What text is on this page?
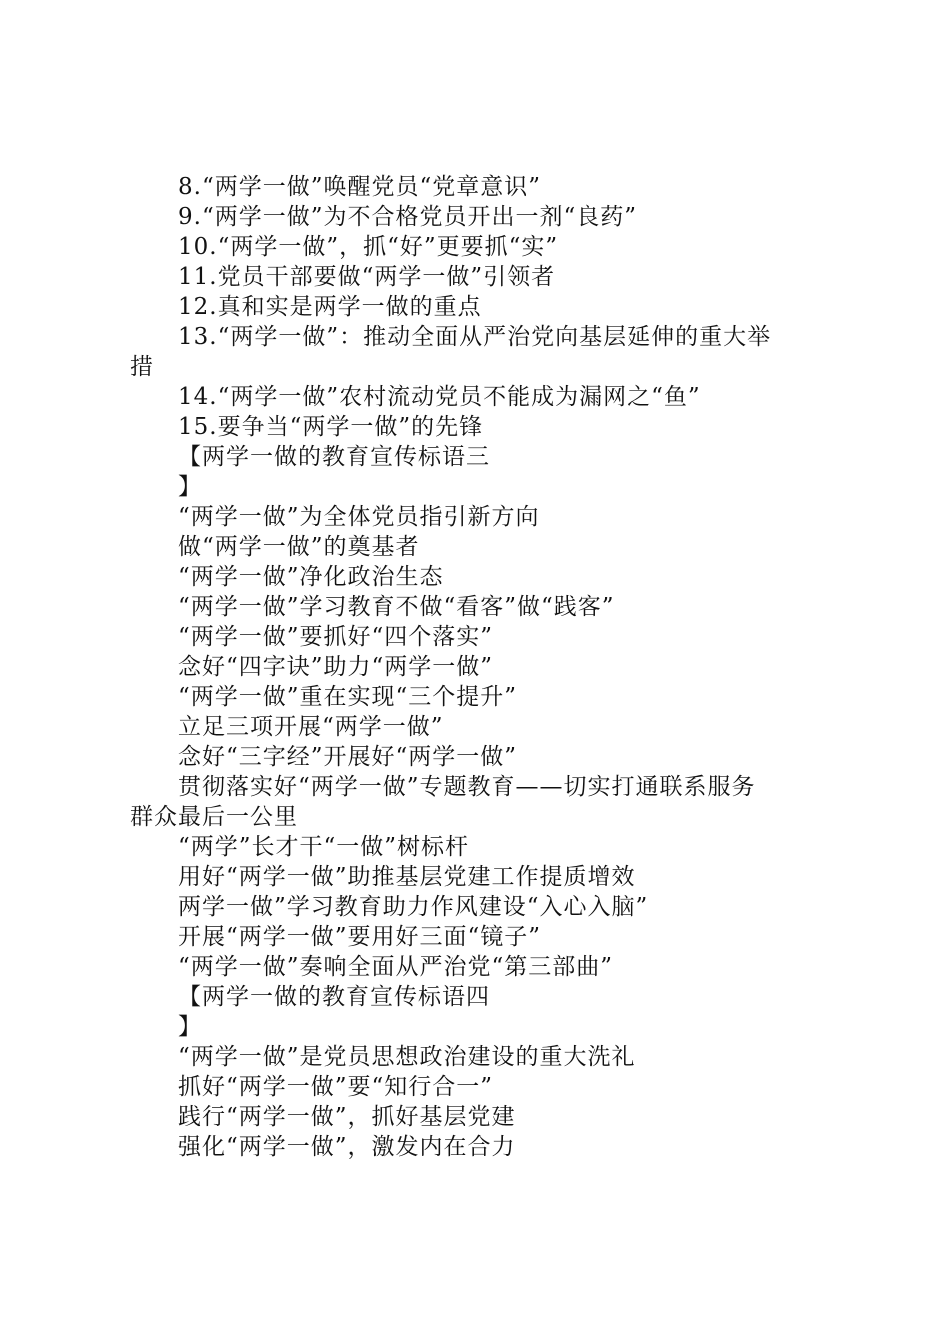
8.“两学一做”唤醒党员“党章意识”
9.“两学一做”为不合格党员开出一剂“良药”
10.“两学一做”，抓“好”更要抓“实”
11.党员干部要做“两学一做”引领者
12.真和实是两学一做的重点
13.“两学一做”：推动全面从严治党向基层延伸的重大举
措
14.“两学一做”农村流动党员不能成为漏网之“鱼”
15.要争当“两学一做”的先锋
【两学一做的教育宣传标语三
】
“两学一做”为全体党员指引新方向
做“两学一做”的奠基者
“两学一做”净化政治生态
“两学一做”学习教育不做“看客”做“践客”
“两学一做”要抓好“四个落实”
念好“四字诀”助力“两学一做”
“两学一做”重在实现“三个提升”
立足三项开展“两学一做”
念好“三字经”开展好“两学一做”
贯彻落实好“两学一做”专题教育——切实打通联系服务
群众最后一公里
“两学”长才干“一做”树标杆
用好“两学一做”助推基层党建工作提质增效
两学一做”学习教育助力作风建设“入心入脑”
开展“两学一做”要用好三面“镜子”
“两学一做”奏响全面从严治党“第三部曲”
【两学一做的教育宣传标语四
】
“两学一做”是党员思想政治建设的重大洗礼
抓好“两学一做”要“知行合一”
践行“两学一做”，抓好基层党建
强化“两学一做”，激发内在合力
